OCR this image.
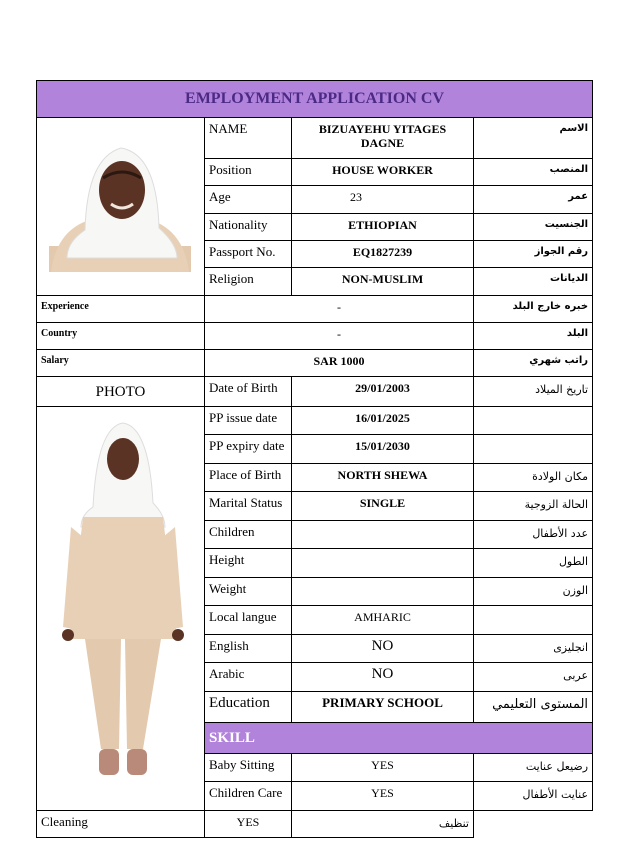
EMPLOYMENT APPLICATION CV			
	NAME	BIZUAYEHU YITAGES DAGNE	الاسم
	Position	HOUSE WORKER	المنصب
	Age	23	عمر
	Nationality	ETHIOPIAN	الجنسيت
	Passport No.	EQ1827239	رقم الجواز
	Religion	NON-MUSLIM	الديانات
Experience	-		خبره خارج البلد
Country	-		البلد
Salary	SAR 1000		راتب شهري
PHOTO	Date of Birth	29/01/2003	تاريخ الميلاد
	PP issue date	16/01/2025	
	PP expiry date	15/01/2030	
	Place of Birth	NORTH SHEWA	مكان الولادة
	Marital Status	SINGLE	الحالة الزوجية
	Children		عدد الأطفال
	Height		الطول
	Weight		الوزن
	Local langue	AMHARIC	
	English	NO	انجليزى
	Arabic	NO	عربى
	Education	PRIMARY SCHOOL	المستوى التعليمي
	SKILL		
	Baby Sitting	YES	رضيعل عنايت
	Children Care	YES	عنايت الأطفال
Cleaning	YES	تنظيف	
